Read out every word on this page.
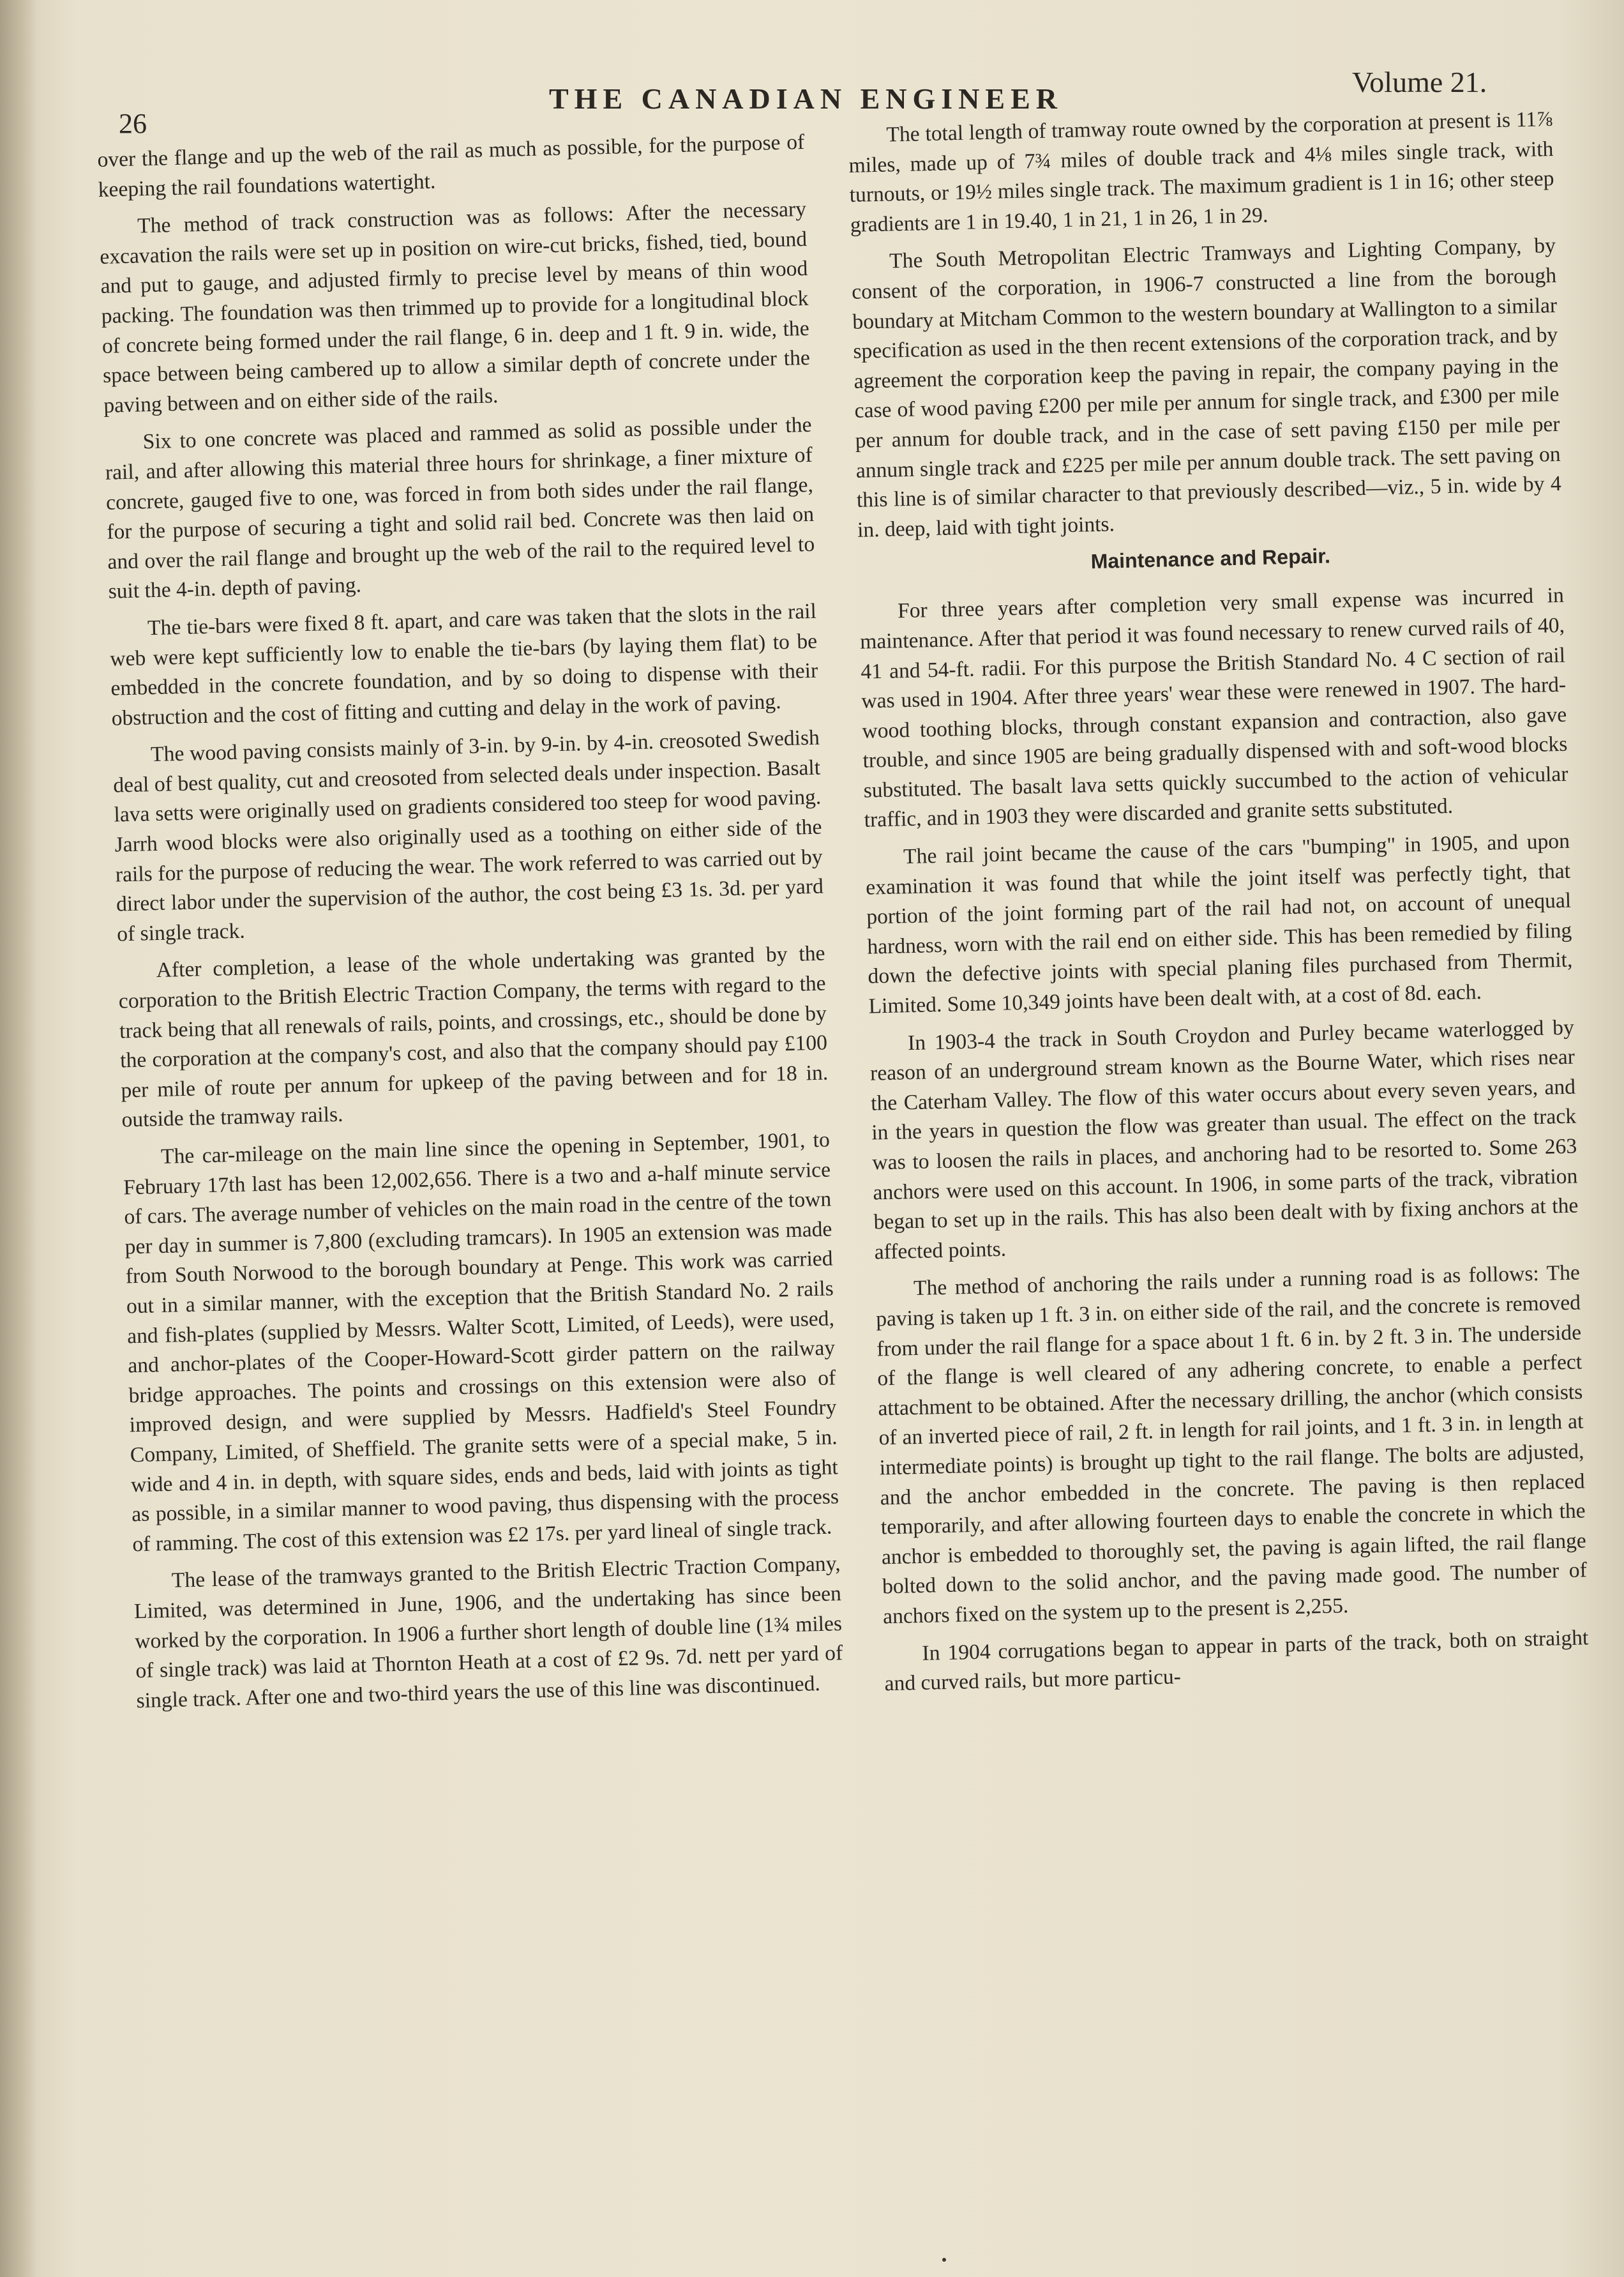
26
THE CANADIAN ENGINEER
Volume 21.

over the flange and up the web of the rail as much as possible, for the purpose of keeping the rail foundations watertight.

The method of track construction was as follows: After the necessary excavation the rails were set up in position on wire-cut bricks, fished, tied, bound and put to gauge, and adjusted firmly to precise level by means of thin wood packing. The foundation was then trimmed up to provide for a longitudinal block of concrete being formed under the rail flange, 6 in. deep and 1 ft. 9 in. wide, the space between being cambered up to allow a similar depth of concrete under the paving between and on either side of the rails.

Six to one concrete was placed and rammed as solid as possible under the rail, and after allowing this material three hours for shrinkage, a finer mixture of concrete, gauged five to one, was forced in from both sides under the rail flange, for the purpose of securing a tight and solid rail bed. Concrete was then laid on and over the rail flange and brought up the web of the rail to the required level to suit the 4-in. depth of paving.

The tie-bars were fixed 8 ft. apart, and care was taken that the slots in the rail web were kept sufficiently low to enable the tie-bars (by laying them flat) to be embedded in the concrete foundation, and by so doing to dispense with their obstruction and the cost of fitting and cutting and delay in the work of paving.

The wood paving consists mainly of 3-in. by 9-in. by 4-in. creosoted Swedish deal of best quality, cut and creosoted from selected deals under inspection. Basalt lava setts were originally used on gradients considered too steep for wood paving. Jarrh wood blocks were also originally used as a toothing on either side of the rails for the purpose of reducing the wear. The work referred to was carried out by direct labor under the supervision of the author, the cost being £3 1s. 3d. per yard of single track.

After completion, a lease of the whole undertaking was granted by the corporation to the British Electric Traction Company, the terms with regard to the track being that all renewals of rails, points, and crossings, etc., should be done by the corporation at the company's cost, and also that the company should pay £100 per mile of route per annum for upkeep of the paving between and for 18 in. outside the tramway rails.

The car-mileage on the main line since the opening in September, 1901, to February 17th last has been 12,002,656. There is a two and a-half minute service of cars. The average number of vehicles on the main road in the centre of the town per day in summer is 7,800 (excluding tramcars). In 1905 an extension was made from South Norwood to the borough boundary at Penge. This work was carried out in a similar manner, with the exception that the British Standard No. 2 rails and fish-plates (supplied by Messrs. Walter Scott, Limited, of Leeds), were used, and anchor-plates of the Cooper-Howard-Scott girder pattern on the railway bridge approaches. The points and crossings on this extension were also of improved design, and were supplied by Messrs. Hadfield's Steel Foundry Company, Limited, of Sheffield. The granite setts were of a special make, 5 in. wide and 4 in. in depth, with square sides, ends and beds, laid with joints as tight as possible, in a similar manner to wood paving, thus dispensing with the process of ramming. The cost of this extension was £2 17s. per yard lineal of single track.

The lease of the tramways granted to the British Electric Traction Company, Limited, was determined in June, 1906, and the undertaking has since been worked by the corporation. In 1906 a further short length of double line (1¾ miles of single track) was laid at Thornton Heath at a cost of £2 9s. 7d. nett per yard of single track. After one and two-third years the use of this line was discontinued.

The total length of tramway route owned by the corporation at present is 11⅞ miles, made up of 7¾ miles of double track and 4⅛ miles single track, with turnouts, or 19½ miles single track. The maximum gradient is 1 in 16; other steep gradients are 1 in 19.40, 1 in 21, 1 in 26, 1 in 29.

The South Metropolitan Electric Tramways and Lighting Company, by consent of the corporation, in 1906-7 constructed a line from the borough boundary at Mitcham Common to the western boundary at Wallington to a similar specification as used in the then recent extensions of the corporation track, and by agreement the corporation keep the paving in repair, the company paying in the case of wood paving £200 per mile per annum for single track, and £300 per mile per annum for double track, and in the case of sett paving £150 per mile per annum single track and £225 per mile per annum double track. The sett paving on this line is of similar character to that previously described—viz., 5 in. wide by 4 in. deep, laid with tight joints.

Maintenance and Repair.

For three years after completion very small expense was incurred in maintenance. After that period it was found necessary to renew curved rails of 40, 41 and 54-ft. radii. For this purpose the British Standard No. 4 C section of rail was used in 1904. After three years' wear these were renewed in 1907. The hard-wood toothing blocks, through constant expansion and contraction, also gave trouble, and since 1905 are being gradually dispensed with and soft-wood blocks substituted. The basalt lava setts quickly succumbed to the action of vehicular traffic, and in 1903 they were discarded and granite setts substituted.

The rail joint became the cause of the cars "bumping" in 1905, and upon examination it was found that while the joint itself was perfectly tight, that portion of the joint forming part of the rail had not, on account of unequal hardness, worn with the rail end on either side. This has been remedied by filing down the defective joints with special planing files purchased from Thermit, Limited. Some 10,349 joints have been dealt with, at a cost of 8d. each.

In 1903-4 the track in South Croydon and Purley became waterlogged by reason of an underground stream known as the Bourne Water, which rises near the Caterham Valley. The flow of this water occurs about every seven years, and in the years in question the flow was greater than usual. The effect on the track was to loosen the rails in places, and anchoring had to be resorted to. Some 263 anchors were used on this account. In 1906, in some parts of the track, vibration began to set up in the rails. This has also been dealt with by fixing anchors at the affected points.

The method of anchoring the rails under a running road is as follows: The paving is taken up 1 ft. 3 in. on either side of the rail, and the concrete is removed from under the rail flange for a space about 1 ft. 6 in. by 2 ft. 3 in. The underside of the flange is well cleared of any adhering concrete, to enable a perfect attachment to be obtained. After the necessary drilling, the anchor (which consists of an inverted piece of rail, 2 ft. in length for rail joints, and 1 ft. 3 in. in length at intermediate points) is brought up tight to the rail flange. The bolts are adjusted, and the anchor embedded in the concrete. The paving is then replaced temporarily, and after allowing fourteen days to enable the concrete in which the anchor is embedded to thoroughly set, the paving is again lifted, the rail flange bolted down to the solid anchor, and the paving made good. The number of anchors fixed on the system up to the present is 2,255.

In 1904 corrugations began to appear in parts of the track, both on straight and curved rails, but more particu-
